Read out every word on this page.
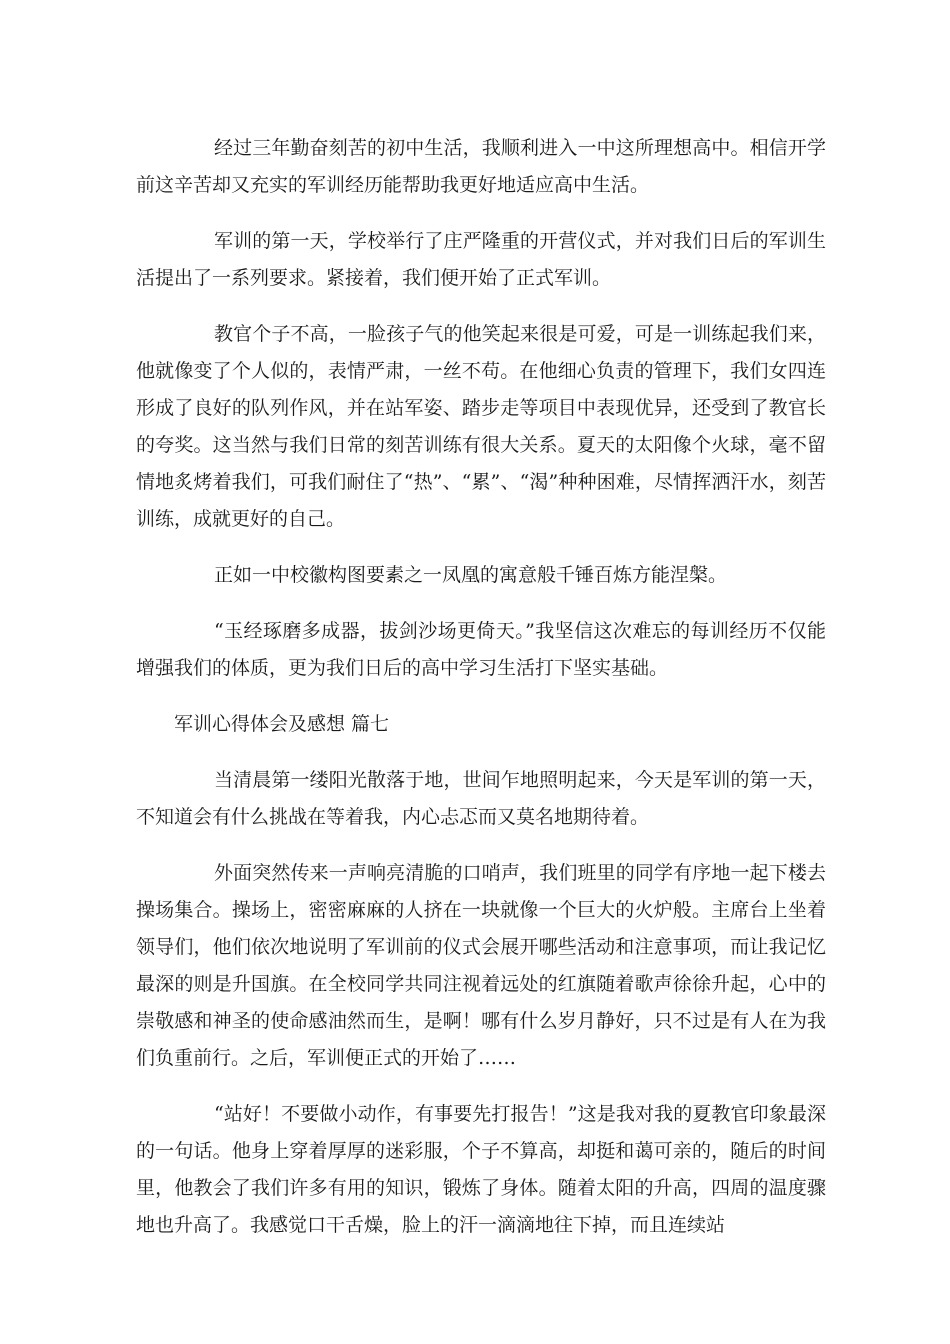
经过三年勤奋刻苦的初中生活，我顺利进入一中这所理想高中。相信开学前这辛苦却又充实的军训经历能帮助我更好地适应高中生活。

军训的第一天，学校举行了庄严隆重的开营仪式，并对我们日后的军训生活提出了一系列要求。紧接着，我们便开始了正式军训。

教官个子不高，一脸孩子气的他笑起来很是可爱，可是一训练起我们来，他就像变了个人似的，表情严肃，一丝不苟。在他细心负责的管理下，我们女四连形成了良好的队列作风，并在站军姿、踏步走等项目中表现优异，还受到了教官长的夸奖。这当然与我们日常的刻苦训练有很大关系。夏天的太阳像个火球，毫不留情地炙烤着我们，可我们耐住了“热”、“累”、“渴”种种困难，尽情挥洒汗水，刻苦训练，成就更好的自己。

正如一中校徽构图要素之一凤凰的寓意般千锤百炼方能涅槃。

“玉经琢磨多成器，拔剑沙场更倚天。”我坚信这次难忘的每训经历不仅能增强我们的体质，更为我们日后的高中学习生活打下坚实基础。

军训心得体会及感想 篇七

当清晨第一缕阳光散落于地，世间乍地照明起来，今天是军训的第一天，不知道会有什么挑战在等着我，内心忐忑而又莫名地期待着。

外面突然传来一声响亮清脆的口哨声，我们班里的同学有序地一起下楼去操场集合。操场上，密密麻麻的人挤在一块就像一个巨大的火炉般。主席台上坐着领导们，他们依次地说明了军训前的仪式会展开哪些活动和注意事项，而让我记忆最深的则是升国旗。在全校同学共同注视着远处的红旗随着歌声徐徐升起，心中的崇敬感和神圣的使命感油然而生，是啊！哪有什么岁月静好，只不过是有人在为我们负重前行。之后，军训便正式的开始了……

“站好！不要做小动作，有事要先打报告！”这是我对我的夏教官印象最深的一句话。他身上穿着厚厚的迷彩服，个子不算高，却挺和蔼可亲的，随后的时间里，他教会了我们许多有用的知识，锻炼了身体。随着太阳的升高，四周的温度骤地也升高了。我感觉口干舌燥，脸上的汗一滴滴地往下掉，而且连续站
